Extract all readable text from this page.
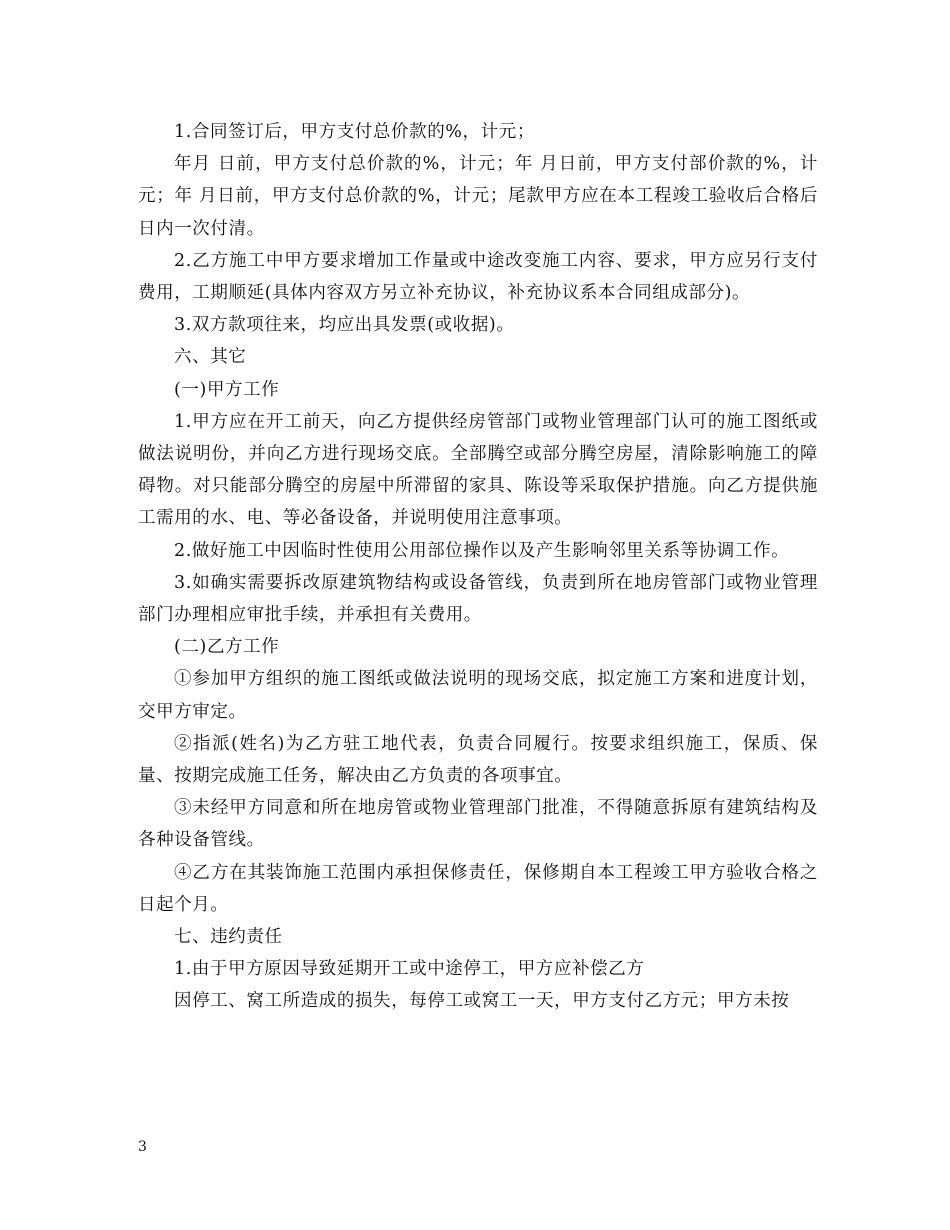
1.合同签订后，甲方支付总价款的%，计元；

年月 日前，甲方支付总价款的%，计元；年 月日前，甲方支付部价款的%，计元；年 月日前，甲方支付总价款的%，计元；尾款甲方应在本工程竣工验收后合格后日内一次付清。

2.乙方施工中甲方要求增加工作量或中途改变施工内容、要求，甲方应另行支付费用，工期顺延(具体内容双方另立补充协议，补充协议系本合同组成部分)。

3.双方款项往来，均应出具发票(或收据)。

六、其它

(一)甲方工作

1.甲方应在开工前天，向乙方提供经房管部门或物业管理部门认可的施工图纸或做法说明份，并向乙方进行现场交底。全部腾空或部分腾空房屋，清除影响施工的障碍物。对只能部分腾空的房屋中所滞留的家具、陈设等采取保护措施。向乙方提供施工需用的水、电、等必备设备，并说明使用注意事项。

2.做好施工中因临时性使用公用部位操作以及产生影响邻里关系等协调工作。

3.如确实需要拆改原建筑物结构或设备管线，负责到所在地房管部门或物业管理部门办理相应审批手续，并承担有关费用。

(二)乙方工作

①参加甲方组织的施工图纸或做法说明的现场交底，拟定施工方案和进度计划，交甲方审定。

②指派(姓名)为乙方驻工地代表，负责合同履行。按要求组织施工，保质、保量、按期完成施工任务，解决由乙方负责的各项事宜。

③未经甲方同意和所在地房管或物业管理部门批准，不得随意拆原有建筑结构及各种设备管线。

④乙方在其装饰施工范围内承担保修责任，保修期自本工程竣工甲方验收合格之日起个月。

七、违约责任

1.由于甲方原因导致延期开工或中途停工，甲方应补偿乙方

因停工、窝工所造成的损失，每停工或窝工一天，甲方支付乙方元；甲方未按

3
